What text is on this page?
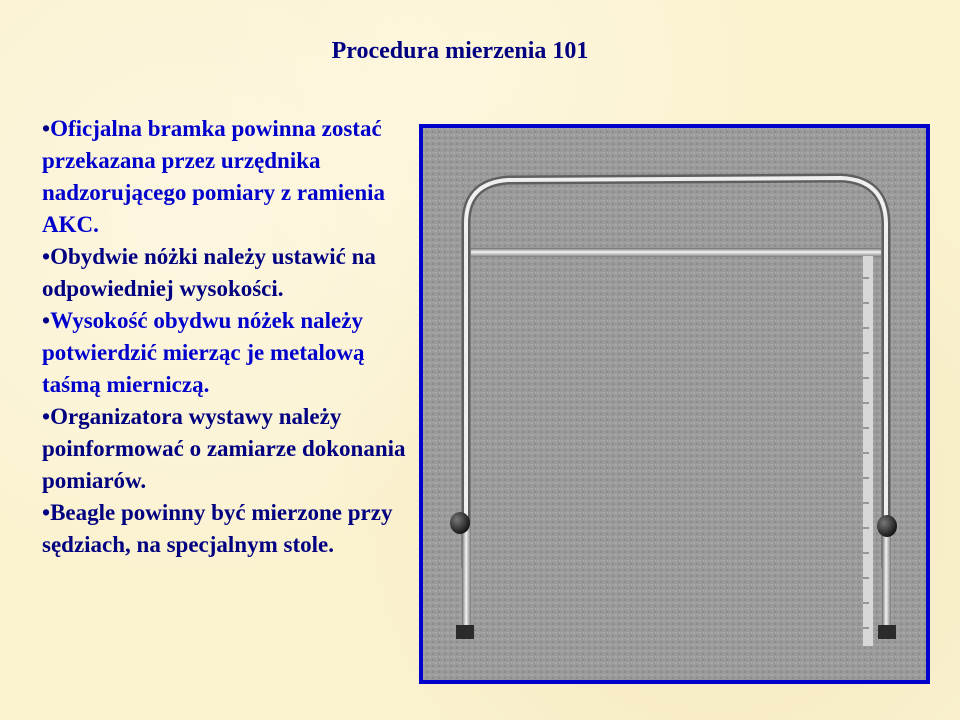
Procedura mierzenia 101
•Oficjalna bramka powinna zostać przekazana przez urzędnika nadzorującego pomiary z ramienia AKC.
•Obydwie nóżki należy ustawić na odpowiedniej wysokości.
•Wysokość obydwu nóżek należy potwierdzić mierząc je metalową taśmą mierniczą.
•Organizatora wystawy należy poinformować o zamiarze dokonania pomiarów.
•Beagle powinny być mierzone przy sędziach, na specjalnym stole.
